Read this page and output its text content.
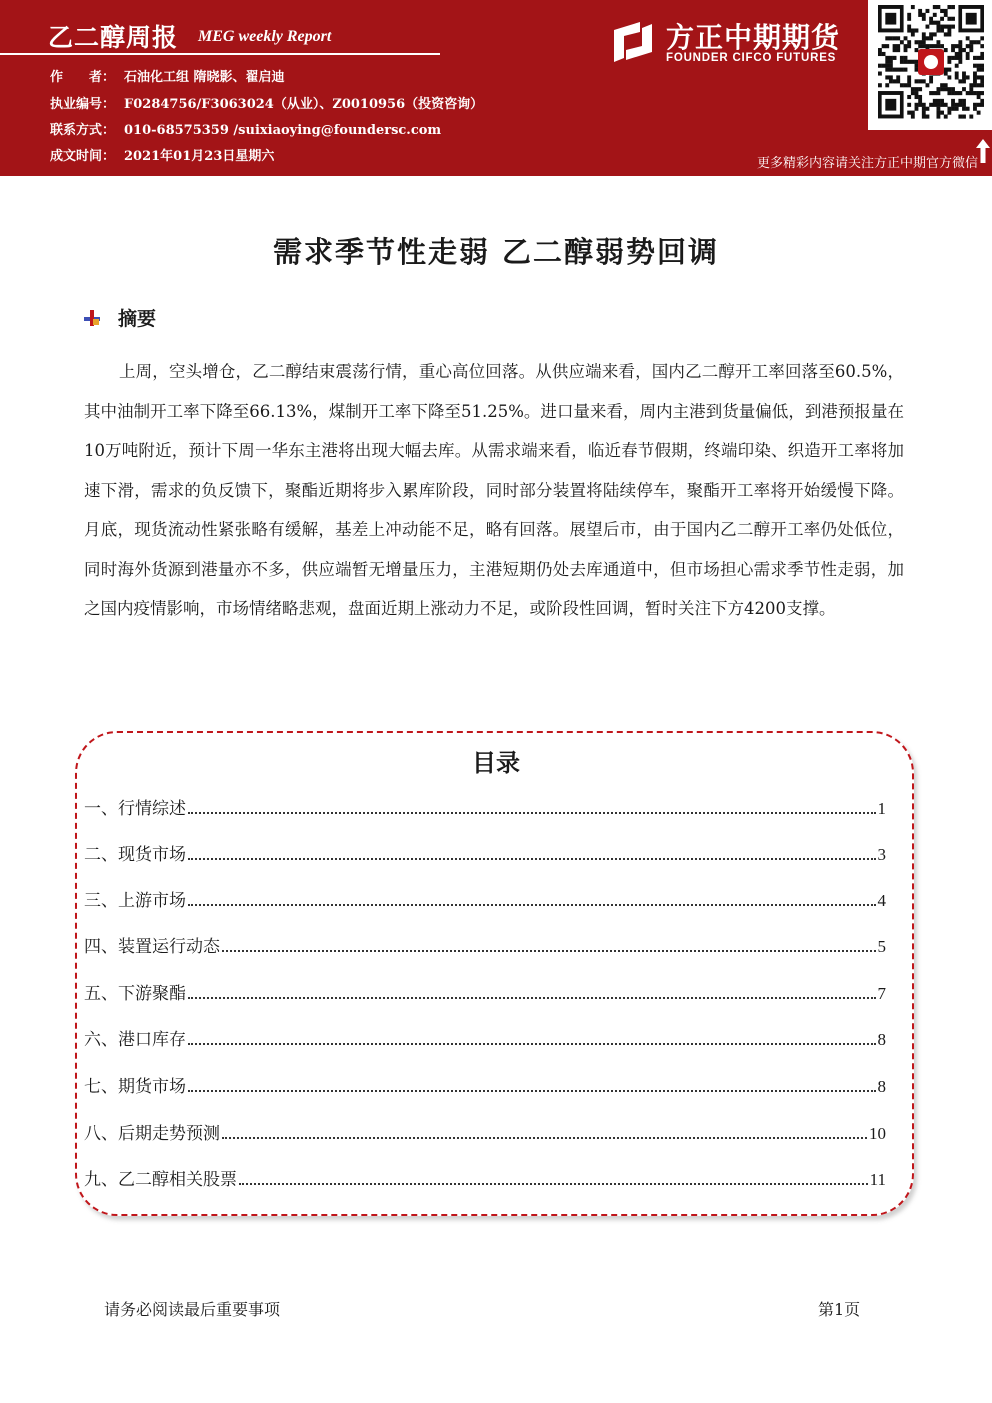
乙二醇周报 MEG weekly Report
作　　者： 石油化工组 隋晓影、翟启迪
执业编号： F0284756/F3063024（从业）、Z0010956（投资咨询）
联系方式： 010-68575359 /suixiaoying@foundersc.com
成文时间： 2021年01月23日星期六
方正中期期货
FOUNDER CIFCO FUTURES
更多精彩内容请关注方正中期官方微信
需求季节性走弱 乙二醇弱势回调
摘要
上周，空头增仓，乙二醇结束震荡行情，重心高位回落。从供应端来看，国内乙二醇开工率回落至60.5%，其中油制开工率下降至66.13%，煤制开工率下降至51.25%。进口量来看，周内主港到货量偏低，到港预报量在10万吨附近，预计下周一华东主港将出现大幅去库。从需求端来看，临近春节假期，终端印染、织造开工率将加速下滑，需求的负反馈下，聚酯近期将步入累库阶段，同时部分装置将陆续停车，聚酯开工率将开始缓慢下降。月底，现货流动性紧张略有缓解，基差上冲动能不足，略有回落。展望后市，由于国内乙二醇开工率仍处低位，同时海外货源到港量亦不多，供应端暂无增量压力，主港短期仍处去库通道中，但市场担心需求季节性走弱，加之国内疫情影响，市场情绪略悲观，盘面近期上涨动力不足，或阶段性回调，暂时关注下方4200支撑。
目录
一、行情综述	1
二、现货市场	3
三、上游市场	4
四、装置运行动态	5
五、下游聚酯	7
六、港口库存	8
七、期货市场	8
八、后期走势预测	10
九、乙二醇相关股票	11
请务必阅读最后重要事项	第1页
